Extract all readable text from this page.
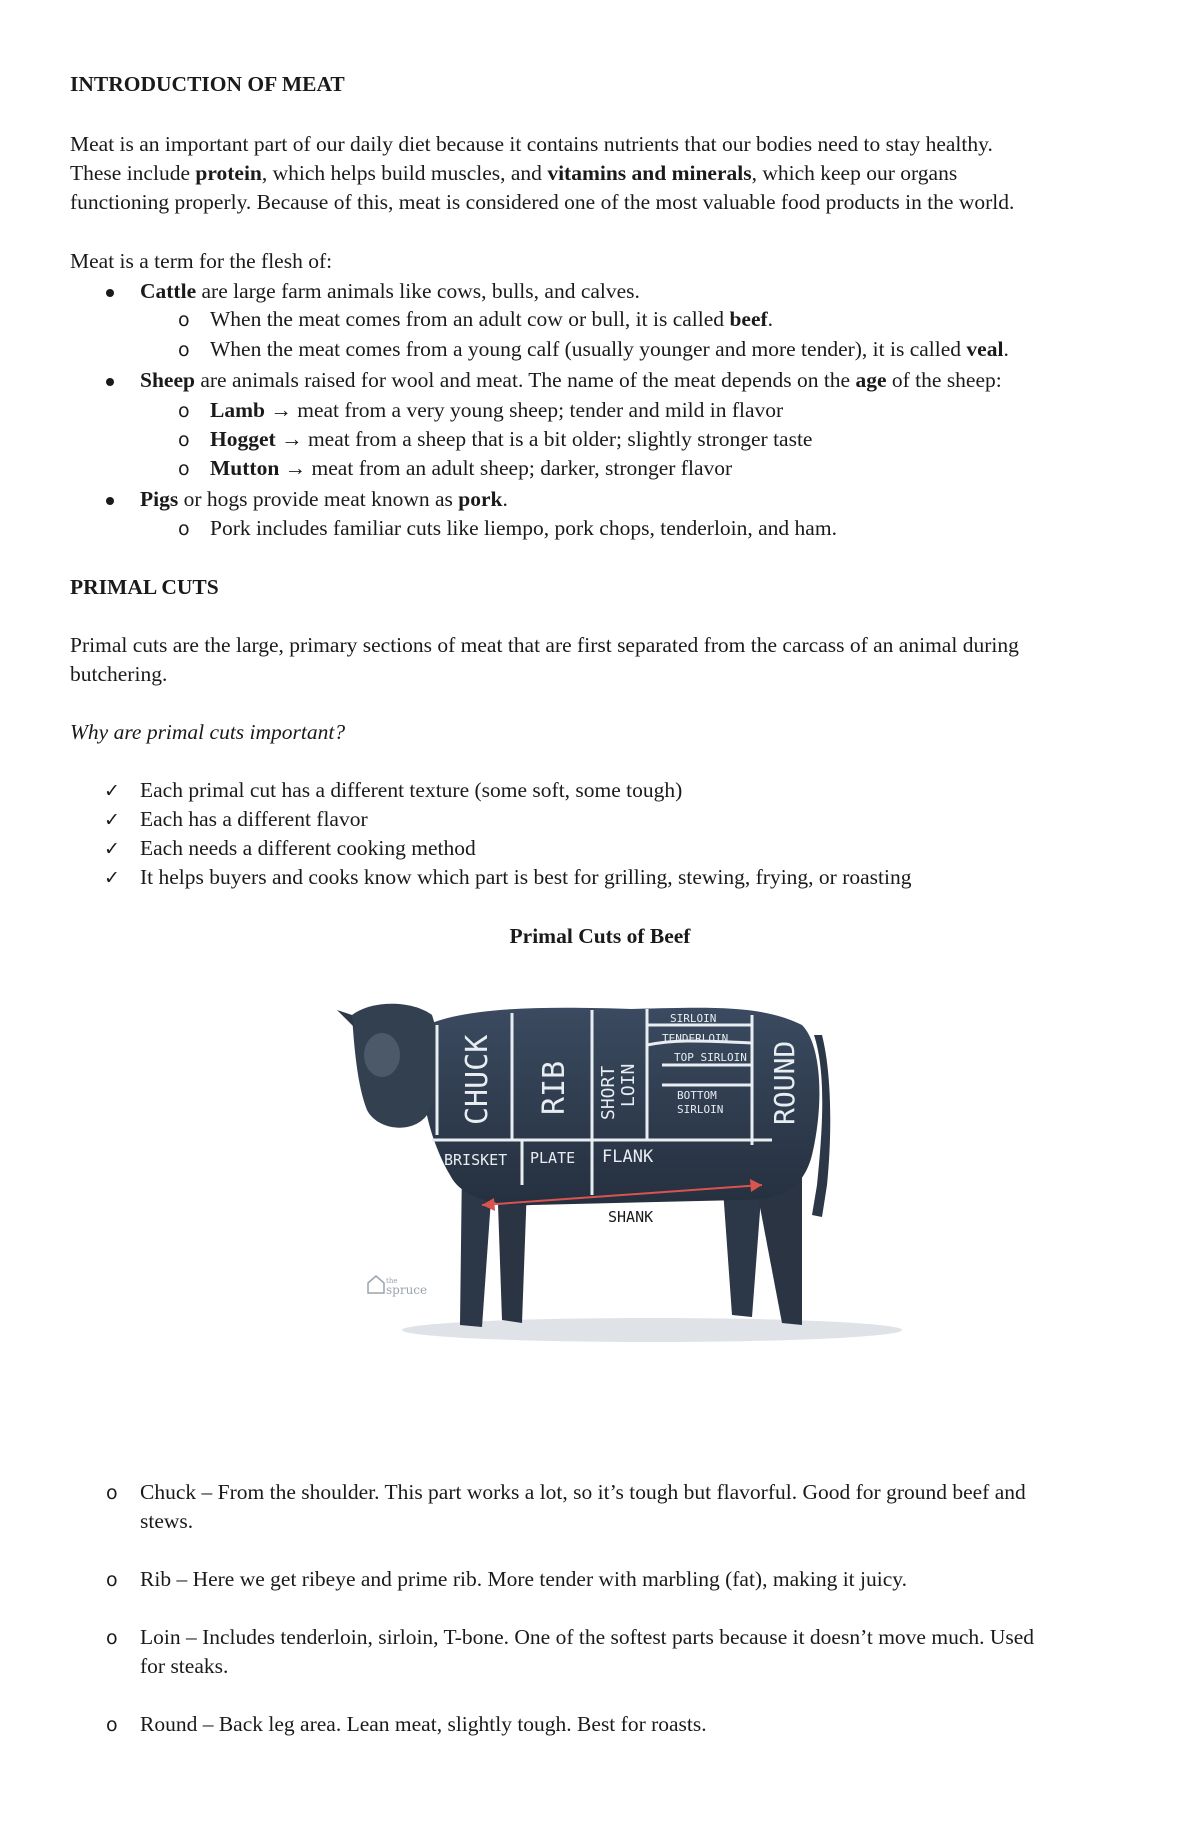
INTRODUCTION OF MEAT
Meat is an important part of our daily diet because it contains nutrients that our bodies need to stay healthy.
These include protein, which helps build muscles, and vitamins and minerals, which keep our organs
functioning properly. Because of this, meat is considered one of the most valuable food products in the world.
Meat is a term for the flesh of:
Cattle are large farm animals like cows, bulls, and calves.
o When the meat comes from an adult cow or bull, it is called beef.
o When the meat comes from a young calf (usually younger and more tender), it is called veal.
Sheep are animals raised for wool and meat. The name of the meat depends on the age of the sheep:
o Lamb → meat from a very young sheep; tender and mild in flavor
o Hogget → meat from a sheep that is a bit older; slightly stronger taste
o Mutton → meat from an adult sheep; darker, stronger flavor
Pigs or hogs provide meat known as pork.
o Pork includes familiar cuts like liempo, pork chops, tenderloin, and ham.
PRIMAL CUTS
Primal cuts are the large, primary sections of meat that are first separated from the carcass of an animal during
butchering.
Why are primal cuts important?
✓ Each primal cut has a different texture (some soft, some tough)
✓ Each has a different flavor
✓ Each needs a different cooking method
✓ It helps buyers and cooks know which part is best for grilling, stewing, frying, or roasting
Primal Cuts of Beef
CHUCK RIB SHORT LOIN
SIRLOIN
TENDERLOIN
TOP SIRLOIN
BOTTOM
SIRLOIN ROUND
BRISKET PLATE FLANK
SHANK
the
spruce
o Chuck – From the shoulder. This part works a lot, so it’s tough but flavorful. Good for ground beef and
stews.
o Rib – Here we get ribeye and prime rib. More tender with marbling (fat), making it juicy.
o Loin – Includes tenderloin, sirloin, T-bone. One of the softest parts because it doesn’t move much. Used
for steaks.
o Round – Back leg area. Lean meat, slightly tough. Best for roasts.
